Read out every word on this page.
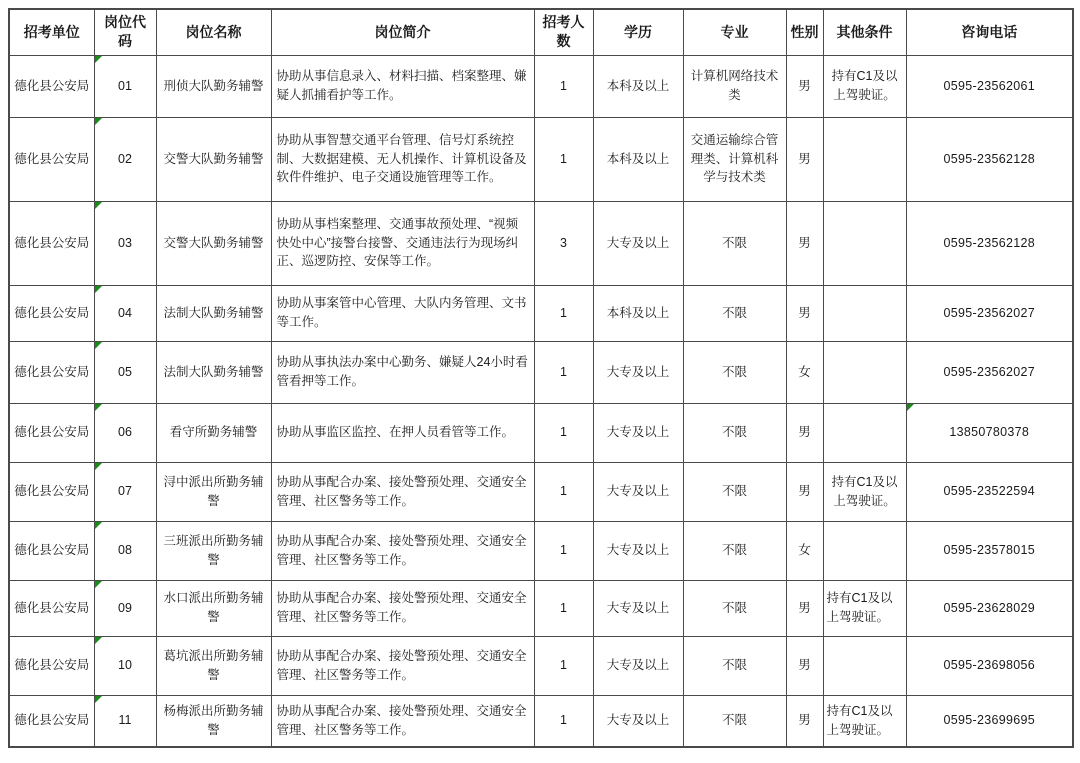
招考单位	岗位代码	岗位名称	岗位简介	招考人数	学历	专业	性别	其他条件	咨询电话
德化县公安局	01	刑侦大队勤务辅警	协助从事信息录入、材料扫描、档案整理、嫌疑人抓捕看护等工作。	1	本科及以上	计算机网络技术类	男	持有C1及以上驾驶证。	0595-23562061
德化县公安局	02	交警大队勤务辅警	协助从事智慧交通平台管理、信号灯系统控制、大数据建模、无人机操作、计算机设备及软件件维护、电子交通设施管理等工作。	1	本科及以上	交通运输综合管理类、计算机科学与技术类	男		0595-23562128
德化县公安局	03	交警大队勤务辅警	协助从事档案整理、交通事故预处理、“视频快处中心”接警台接警、交通违法行为现场纠正、巡逻防控、安保等工作。	3	大专及以上	不限	男		0595-23562128
德化县公安局	04	法制大队勤务辅警	协助从事案管中心管理、大队内务管理、文书等工作。	1	本科及以上	不限	男		0595-23562027
德化县公安局	05	法制大队勤务辅警	协助从事执法办案中心勤务、嫌疑人24小时看管看押等工作。	1	大专及以上	不限	女		0595-23562027
德化县公安局	06	看守所勤务辅警	协助从事监区监控、在押人员看管等工作。	1	大专及以上	不限	男		13850780378
德化县公安局	07	浔中派出所勤务辅警	协助从事配合办案、接处警预处理、交通安全管理、社区警务等工作。	1	大专及以上	不限	男	持有C1及以上驾驶证。	0595-23522594
德化县公安局	08	三班派出所勤务辅警	协助从事配合办案、接处警预处理、交通安全管理、社区警务等工作。	1	大专及以上	不限	女		0595-23578015
德化县公安局	09	水口派出所勤务辅警	协助从事配合办案、接处警预处理、交通安全管理、社区警务等工作。	1	大专及以上	不限	男	持有C1及以上驾驶证。	0595-23628029
德化县公安局	10	葛坑派出所勤务辅警	协助从事配合办案、接处警预处理、交通安全管理、社区警务等工作。	1	大专及以上	不限	男		0595-23698056
德化县公安局	11	杨梅派出所勤务辅警	协助从事配合办案、接处警预处理、交通安全管理、社区警务等工作。	1	大专及以上	不限	男	持有C1及以上驾驶证。	0595-23699695
